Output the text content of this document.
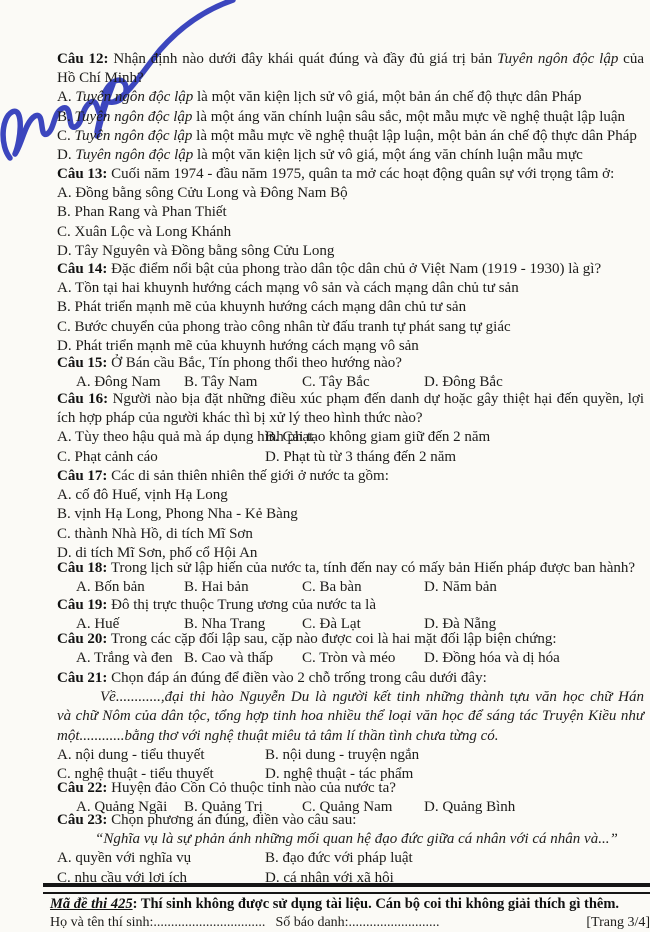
Câu 12: Nhận định nào dưới đây khái quát đúng và đầy đủ giá trị bản Tuyên ngôn độc lập của
Hồ Chí Minh?
A. Tuyên ngôn độc lập là một văn kiện lịch sử vô giá, một bản án chế độ thực dân Pháp
B. Tuyên ngôn độc lập là một áng văn chính luận sâu sắc, một mẫu mực về nghệ thuật lập luận
C. Tuyên ngôn độc lập là một mẫu mực về nghệ thuật lập luận, một bản án chế độ thực dân Pháp
D. Tuyên ngôn độc lập là một văn kiện lịch sử vô giá, một áng văn chính luận mẫu mực
Câu 13: Cuối năm 1974 - đầu năm 1975, quân ta mở các hoạt động quân sự với trọng tâm ở:
A. Đồng bằng sông Cửu Long và Đông Nam Bộ
B. Phan Rang và Phan Thiết
C. Xuân Lộc và Long Khánh
D. Tây Nguyên và Đồng bằng sông Cửu Long
Câu 14: Đặc điểm nổi bật của phong trào dân tộc dân chủ ở Việt Nam (1919 - 1930) là gì?
A. Tồn tại hai khuynh hướng cách mạng vô sản và cách mạng dân chủ tư sản
B. Phát triển mạnh mẽ của khuynh hướng cách mạng dân chủ tư sản
C. Bước chuyển của phong trào công nhân từ đấu tranh tự phát sang tự giác
D. Phát triển mạnh mẽ của khuynh hướng cách mạng vô sản
Câu 15: Ở Bán cầu Bắc, Tín phong thổi theo hướng nào?
A. Đông Nam	B. Tây Nam	C. Tây Bắc	D. Đông Bắc
Câu 16: Người nào bịa đặt những điều xúc phạm đến danh dự hoặc gây thiệt hại đến quyền, lợi
ích hợp pháp của người khác thì bị xử lý theo hình thức nào?
A. Tùy theo hậu quả mà áp dụng hình phạt
B. Cải tạo không giam giữ đến 2 năm
C. Phạt cảnh cáo	D. Phạt tù từ 3 tháng đến 2 năm
Câu 17: Các di sản thiên nhiên thế giới ở nước ta gồm:
A. cố đô Huế, vịnh Hạ Long
B. vịnh Hạ Long, Phong Nha - Kẻ Bàng
C. thành Nhà Hồ, di tích Mĩ Sơn
D. di tích Mĩ Sơn, phố cổ Hội An
Câu 18: Trong lịch sử lập hiến của nước ta, tính đến nay có mấy bản Hiến pháp được ban hành?
A. Bốn bản	B. Hai bản	C. Ba bàn	D. Năm bản
Câu 19: Đô thị trực thuộc Trung ương của nước ta là
A. Huế	B. Nha Trang	C. Đà Lạt	D. Đà Nẵng
Câu 20: Trong các cặp đối lập sau, cặp nào được coi là hai mặt đối lập biện chứng:
A. Trắng và đen B. Cao và thấp	C. Tròn và méo	D. Đồng hóa và dị hóa
Câu 21: Chọn đáp án đúng để điền vào 2 chỗ trống trong câu dưới đây:
Về............,đại thi hào Nguyễn Du là người kết tinh những thành tựu văn học chữ Hán
và chữ Nôm của dân tộc, tổng hợp tinh hoa nhiều thể loại văn học để sáng tác Truyện Kiều như
một............bằng thơ với nghệ thuật miêu tả tâm lí thần tình chưa từng có.
A. nội dung - tiểu thuyết	B. nội dung - truyện ngắn
C. nghệ thuật - tiểu thuyết	D. nghệ thuật - tác phẩm
Câu 22: Huyện đảo Cồn Cỏ thuộc tỉnh nào của nước ta?
A. Quảng Ngãi	B. Quảng Trị	C. Quảng Nam	D. Quảng Bình
Câu 23: Chọn phương án đúng, điền vào câu sau:
“Nghĩa vụ là sự phản ánh những mối quan hệ đạo đức giữa cá nhân với cá nhân và...”
A. quyền với nghĩa vụ	B. đạo đức với pháp luật
C. nhu cầu với lợi ích	D. cá nhân với xã hội
Mã đề thi 425: Thí sinh không được sử dụng tài liệu. Cán bộ coi thi không giải thích gì thêm.
Họ và tên thí sinh:................................ Số báo danh:..........................	[Trang 3/4]
